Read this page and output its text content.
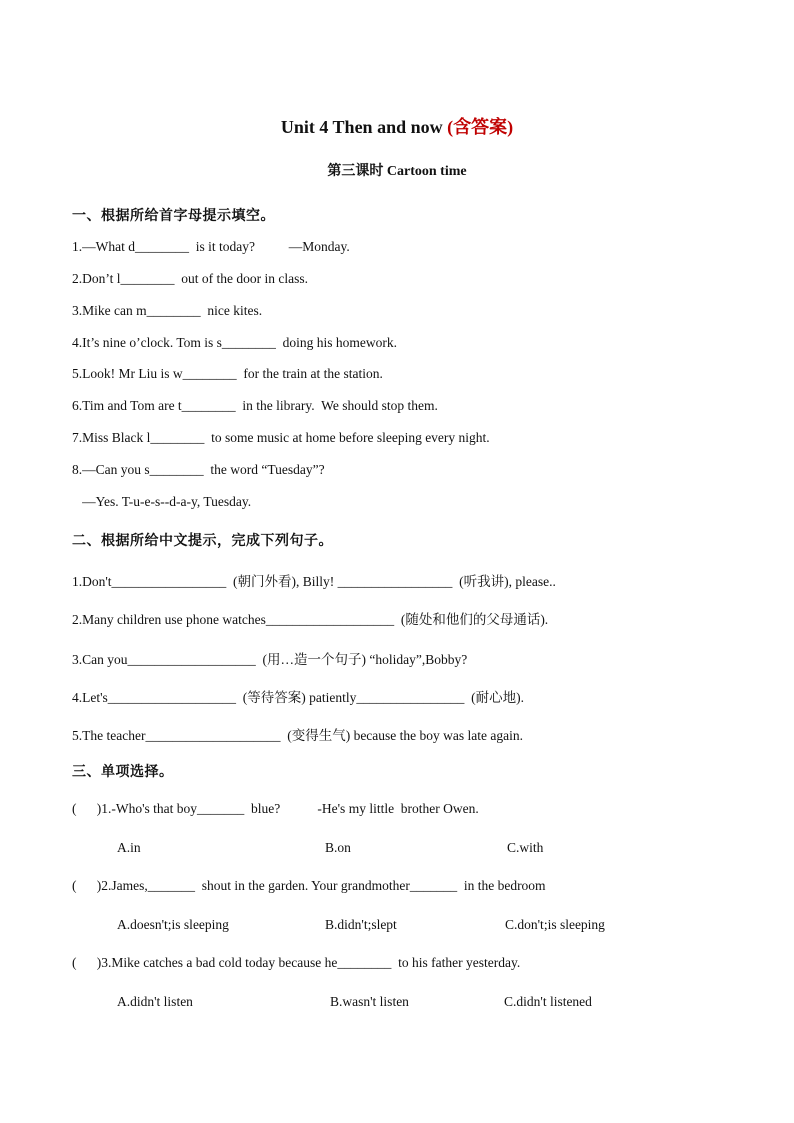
Unit 4 Then and now (含答案)
第三课时 Cartoon time
一、根据所给首字母提示填空。
1.—What d________  is it today?          —Monday.
2.Don’t l________  out of the door in class.
3.Mike can m________  nice kites.
4.It’s nine o’clock. Tom is s________  doing his homework.
5.Look! Mr Liu is w________  for the train at the station.
6.Tim and Tom are t________  in the library.  We should stop them.
7.Miss Black l________  to some music at home before sleeping every night.
8.—Can you s________  the word “Tuesday”?
—Yes. T-u-e-s--d-a-y, Tuesday.
二、根据所给中文提示，完成下列句子。
1.Don't_________________  (朝门外看), Billy! _________________  (听我讲), please..
2.Many children use phone watches___________________  (随处和他们的父母通话).
3.Can you___________________  (用…造一个句子) “holiday”,Bobby?
4.Let's___________________  (等待答案) patiently________________  (耐心地).
5.The teacher____________________  (变得生气) because the boy was late again.
三、单项选择。
(      )1.-Who's that boy_______  blue?           -He's my little  brother Owen.
A.in	B.on	C.with
(      )2.James,_______  shout in the garden. Your grandmother_______  in the bedroom
A.doesn't;is sleeping	B.didn't;slept	C.don't;is sleeping
(      )3.Mike catches a bad cold today because he________  to his father yesterday.
A.didn't listen	B.wasn't listen	C.didn't listened
